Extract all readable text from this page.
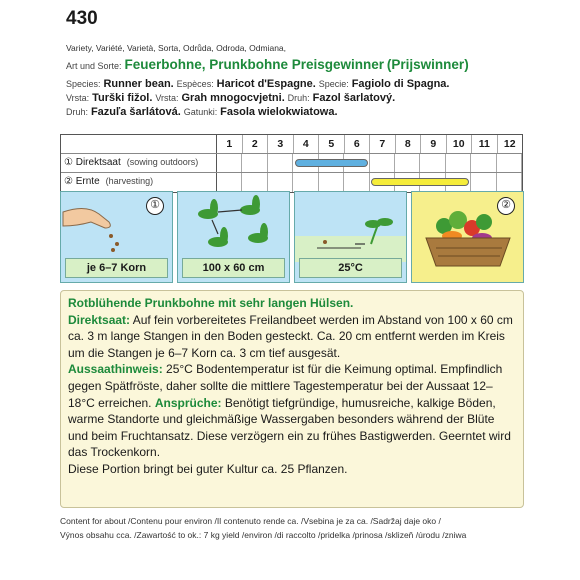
430
Variety, Variété, Varietà, Sorta, Odrůda, Odroda, Odmiana,
Art und Sorte: Feuerbohne, Prunkbohne Preisgewinner (Prijswinner)
Species: Runner bean. Espèces: Haricot d'Espagne. Specie: Fagiolo di Spagna.
Vrsta: Turški fižol. Vrsta: Grah mnogocvjetni. Druh: Fazol šarlatový.
Druh: Fazuľa šarlátová. Gatunki: Fasola wielokwiatowa.
1	2	3	4	5	6	7	8	9	10	11	12
① Direktsaat (sowing outdoors)
② Ernte (harvesting)
①
je 6–7 Korn	100 x 60 cm	25°C
②

Rotblühende Prunkbohne mit sehr langen Hülsen.

Direktsaat: Auf fein vorbereitetes Freilandbeet werden im Abstand von 100 x 60 cm ca. 3 m lange Stangen in den Boden gesteckt. Ca. 20 cm entfernt werden im Kreis um die Stangen je 6–7 Korn ca. 3 cm tief ausgesät.

Aussaathinweis: 25°C Bodentemperatur ist für die Keimung optimal. Empfindlich gegen Spätfröste, daher sollte die mittlere Tagestemperatur bei der Aussaat 12–18°C erreichen. Ansprüche: Benötigt tiefgründige, humusreiche, kalkige Böden, warme Standorte und gleichmäßige Wassergaben besonders während der Blüte und beim Fruchtansatz. Diese verzögern ein zu frühes Bastigwerden. Geerntet wird das Trockenkorn.

Diese Portion bringt bei guter Kultur ca. 25 Pflanzen.

Content for about /Contenu pour environ /Il contenuto rende ca. /Vsebina je za ca. /Sadržaj daje oko /
Výnos obsahu cca. /Zawartość to ok.: 7 kg yield /environ /di raccolto /pridelka /prinosa /sklizeň /úrodu /zniwa
